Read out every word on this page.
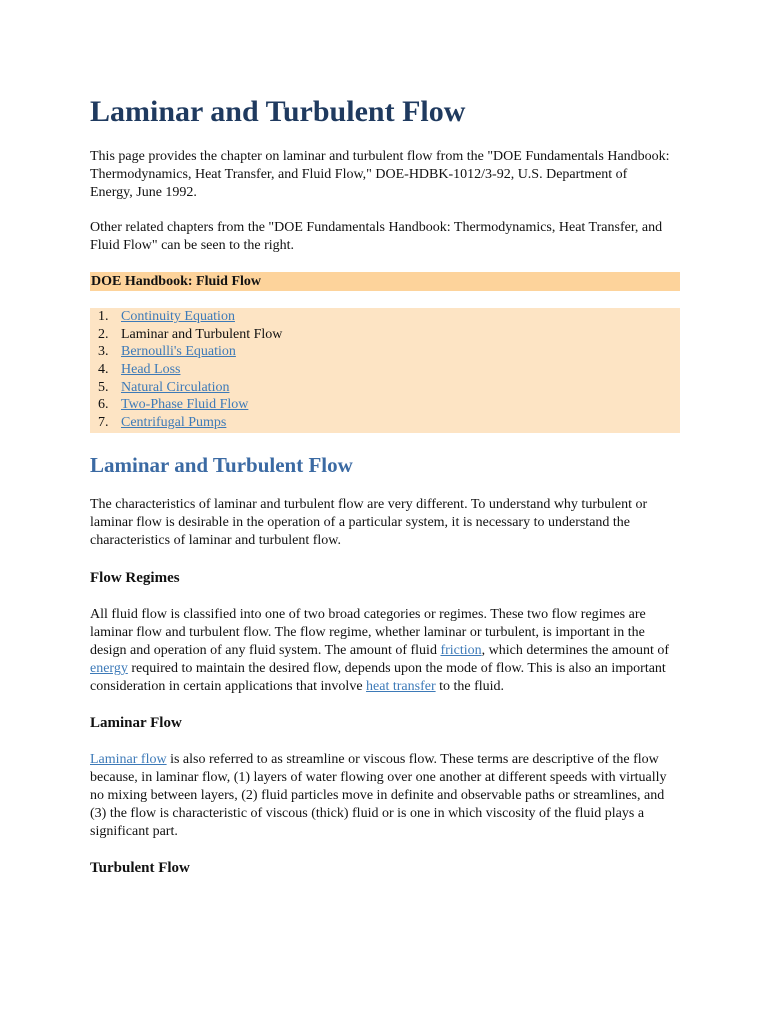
Laminar and Turbulent Flow

This page provides the chapter on laminar and turbulent flow from the "DOE Fundamentals Handbook: Thermodynamics, Heat Transfer, and Fluid Flow," DOE-HDBK-1012/3-92, U.S. Department of Energy, June 1992.

Other related chapters from the "DOE Fundamentals Handbook: Thermodynamics, Heat Transfer, and Fluid Flow" can be seen to the right.

DOE Handbook: Fluid Flow
1. Continuity Equation
2. Laminar and Turbulent Flow
3. Bernoulli's Equation
4. Head Loss
5. Natural Circulation
6. Two-Phase Fluid Flow
7. Centrifugal Pumps
Laminar and Turbulent Flow

The characteristics of laminar and turbulent flow are very different. To understand why turbulent or laminar flow is desirable in the operation of a particular system, it is necessary to understand the characteristics of laminar and turbulent flow.

Flow Regimes

All fluid flow is classified into one of two broad categories or regimes. These two flow regimes are laminar flow and turbulent flow. The flow regime, whether laminar or turbulent, is important in the design and operation of any fluid system. The amount of fluid friction, which determines the amount of energy required to maintain the desired flow, depends upon the mode of flow. This is also an important consideration in certain applications that involve heat transfer to the fluid.

Laminar Flow

Laminar flow is also referred to as streamline or viscous flow. These terms are descriptive of the flow because, in laminar flow, (1) layers of water flowing over one another at different speeds with virtually no mixing between layers, (2) fluid particles move in definite and observable paths or streamlines, and (3) the flow is characteristic of viscous (thick) fluid or is one in which viscosity of the fluid plays a significant part.

Turbulent Flow
